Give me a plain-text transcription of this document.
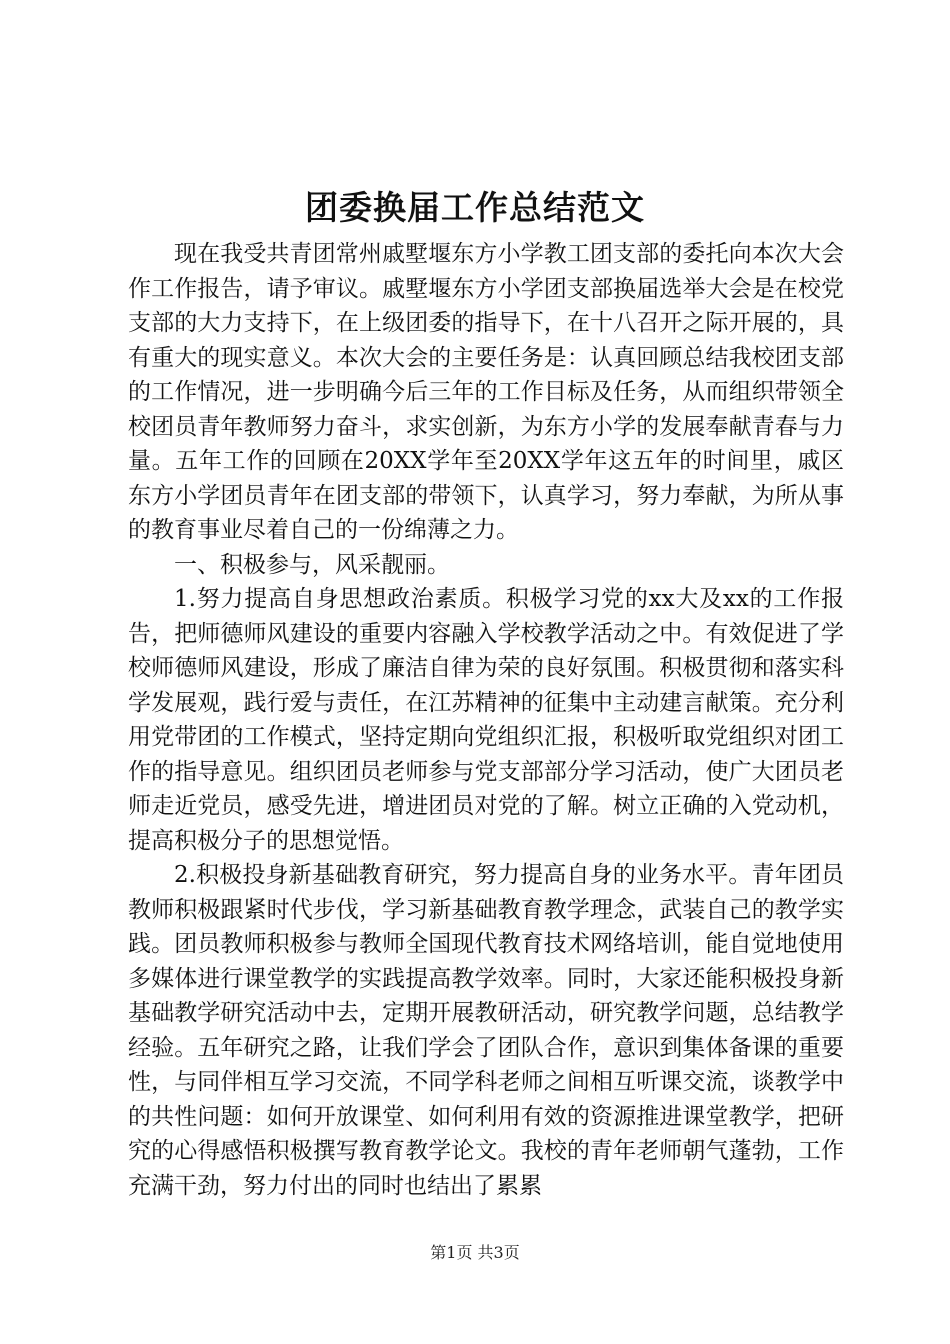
团委换届工作总结范文

现在我受共青团常州戚墅堰东方小学教工团支部的委托向本次大会作工作报告，请予审议。戚墅堰东方小学团支部换届选举大会是在校党支部的大力支持下，在上级团委的指导下，在十八召开之际开展的，具有重大的现实意义。本次大会的主要任务是：认真回顾总结我校团支部的工作情况，进一步明确今后三年的工作目标及任务，从而组织带领全校团员青年教师努力奋斗，求实创新，为东方小学的发展奉献青春与力量。五年工作的回顾在20XX学年至20XX学年这五年的时间里，戚区东方小学团员青年在团支部的带领下，认真学习，努力奉献，为所从事的教育事业尽着自己的一份绵薄之力。

一、积极参与，风采靓丽。

1.努力提高自身思想政治素质。积极学习党的xx大及xx的工作报告，把师德师风建设的重要内容融入学校教学活动之中。有效促进了学校师德师风建设，形成了廉洁自律为荣的良好氛围。积极贯彻和落实科学发展观，践行爱与责任，在江苏精神的征集中主动建言献策。充分利用党带团的工作模式，坚持定期向党组织汇报，积极听取党组织对团工作的指导意见。组织团员老师参与党支部部分学习活动，使广大团员老师走近党员，感受先进，增进团员对党的了解。树立正确的入党动机，提高积极分子的思想觉悟。

2.积极投身新基础教育研究，努力提高自身的业务水平。青年团员教师积极跟紧时代步伐，学习新基础教育教学理念，武装自己的教学实践。团员教师积极参与教师全国现代教育技术网络培训，能自觉地使用多媒体进行课堂教学的实践提高教学效率。同时，大家还能积极投身新基础教学研究活动中去，定期开展教研活动，研究教学问题，总结教学经验。五年研究之路，让我们学会了团队合作，意识到集体备课的重要性，与同伴相互学习交流，不同学科老师之间相互听课交流，谈教学中的共性问题：如何开放课堂、如何利用有效的资源推进课堂教学，把研究的心得感悟积极撰写教育教学论文。我校的青年老师朝气蓬勃，工作充满干劲，努力付出的同时也结出了累累

第1页 共3页
